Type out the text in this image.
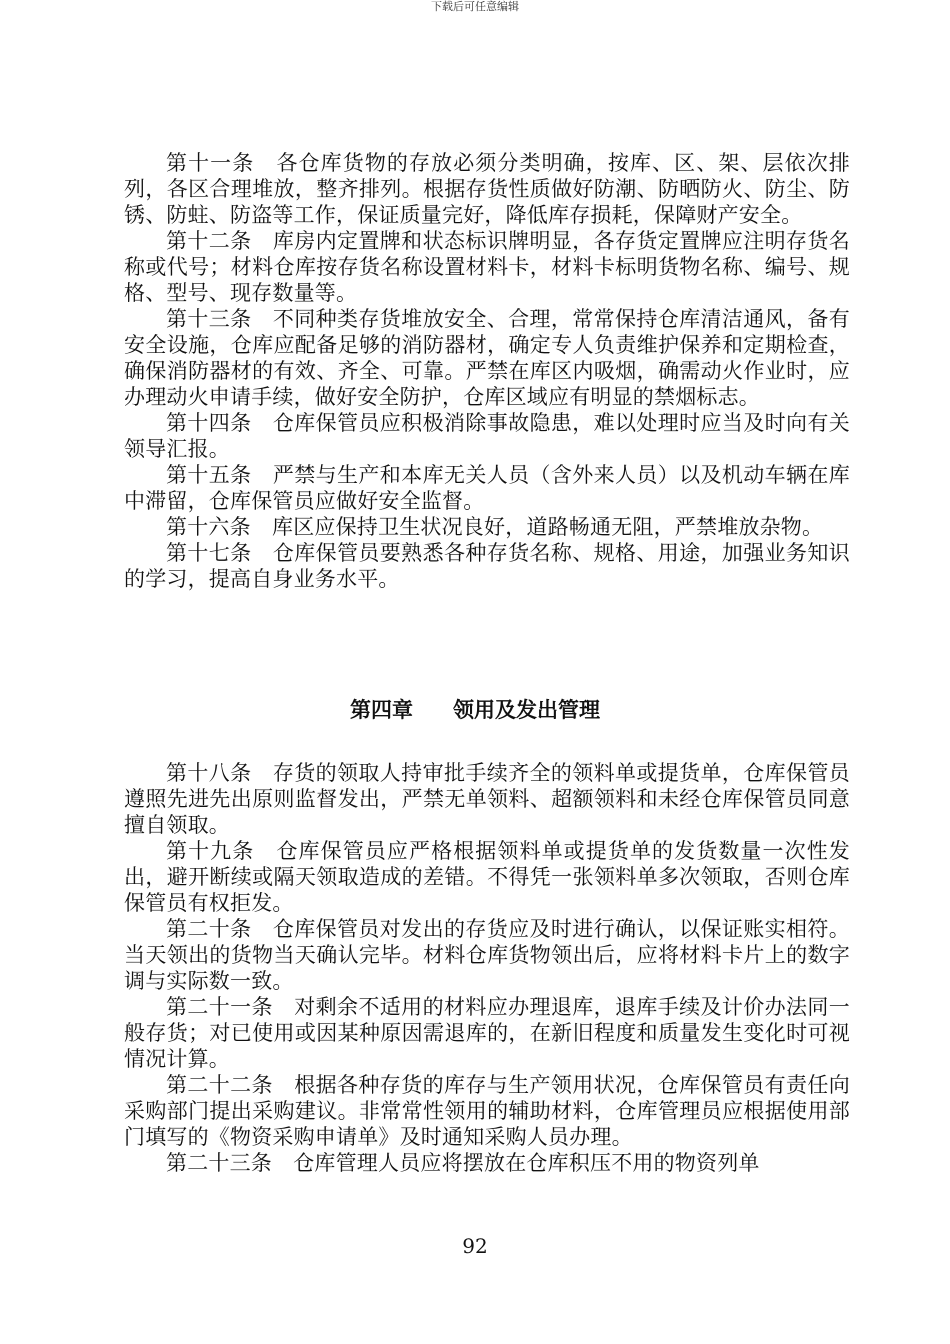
下载后可任意编辑

第十一条　各仓库货物的存放必须分类明确，按库、区、架、层依次排列，各区合理堆放，整齐排列。根据存货性质做好防潮、防晒防火、防尘、防锈、防蛀、防盗等工作，保证质量完好，降低库存损耗，保障财产安全。

第十二条　库房内定置牌和状态标识牌明显，各存货定置牌应注明存货名称或代号；材料仓库按存货名称设置材料卡，材料卡标明货物名称、编号、规格、型号、现存数量等。

第十三条　不同种类存货堆放安全、合理，常常保持仓库清洁通风，备有安全设施，仓库应配备足够的消防器材，确定专人负责维护保养和定期检查，确保消防器材的有效、齐全、可靠。严禁在库区内吸烟，确需动火作业时，应办理动火申请手续，做好安全防护，仓库区域应有明显的禁烟标志。

第十四条　仓库保管员应积极消除事故隐患，难以处理时应当及时向有关领导汇报。

第十五条　严禁与生产和本库无关人员（含外来人员）以及机动车辆在库中滞留，仓库保管员应做好安全监督。

第十六条　库区应保持卫生状况良好，道路畅通无阻，严禁堆放杂物。

第十七条　仓库保管员要熟悉各种存货名称、规格、用途，加强业务知识的学习，提高自身业务水平。

第四章 领用及发出管理

第十八条　存货的领取人持审批手续齐全的领料单或提货单，仓库保管员遵照先进先出原则监督发出，严禁无单领料、超额领料和未经仓库保管员同意擅自领取。

第十九条　仓库保管员应严格根据领料单或提货单的发货数量一次性发出，避开断续或隔天领取造成的差错。不得凭一张领料单多次领取，否则仓库保管员有权拒发。

第二十条　仓库保管员对发出的存货应及时进行确认，以保证账实相符。当天领出的货物当天确认完毕。材料仓库货物领出后，应将材料卡片上的数字调与实际数一致。

第二十一条　对剩余不适用的材料应办理退库，退库手续及计价办法同一般存货；对已使用或因某种原因需退库的，在新旧程度和质量发生变化时可视情况计算。

第二十二条　根据各种存货的库存与生产领用状况，仓库保管员有责任向采购部门提出采购建议。非常常性领用的辅助材料，仓库管理员应根据使用部门填写的《物资采购申请单》及时通知采购人员办理。

第二十三条　仓库管理人员应将摆放在仓库积压不用的物资列单

92
